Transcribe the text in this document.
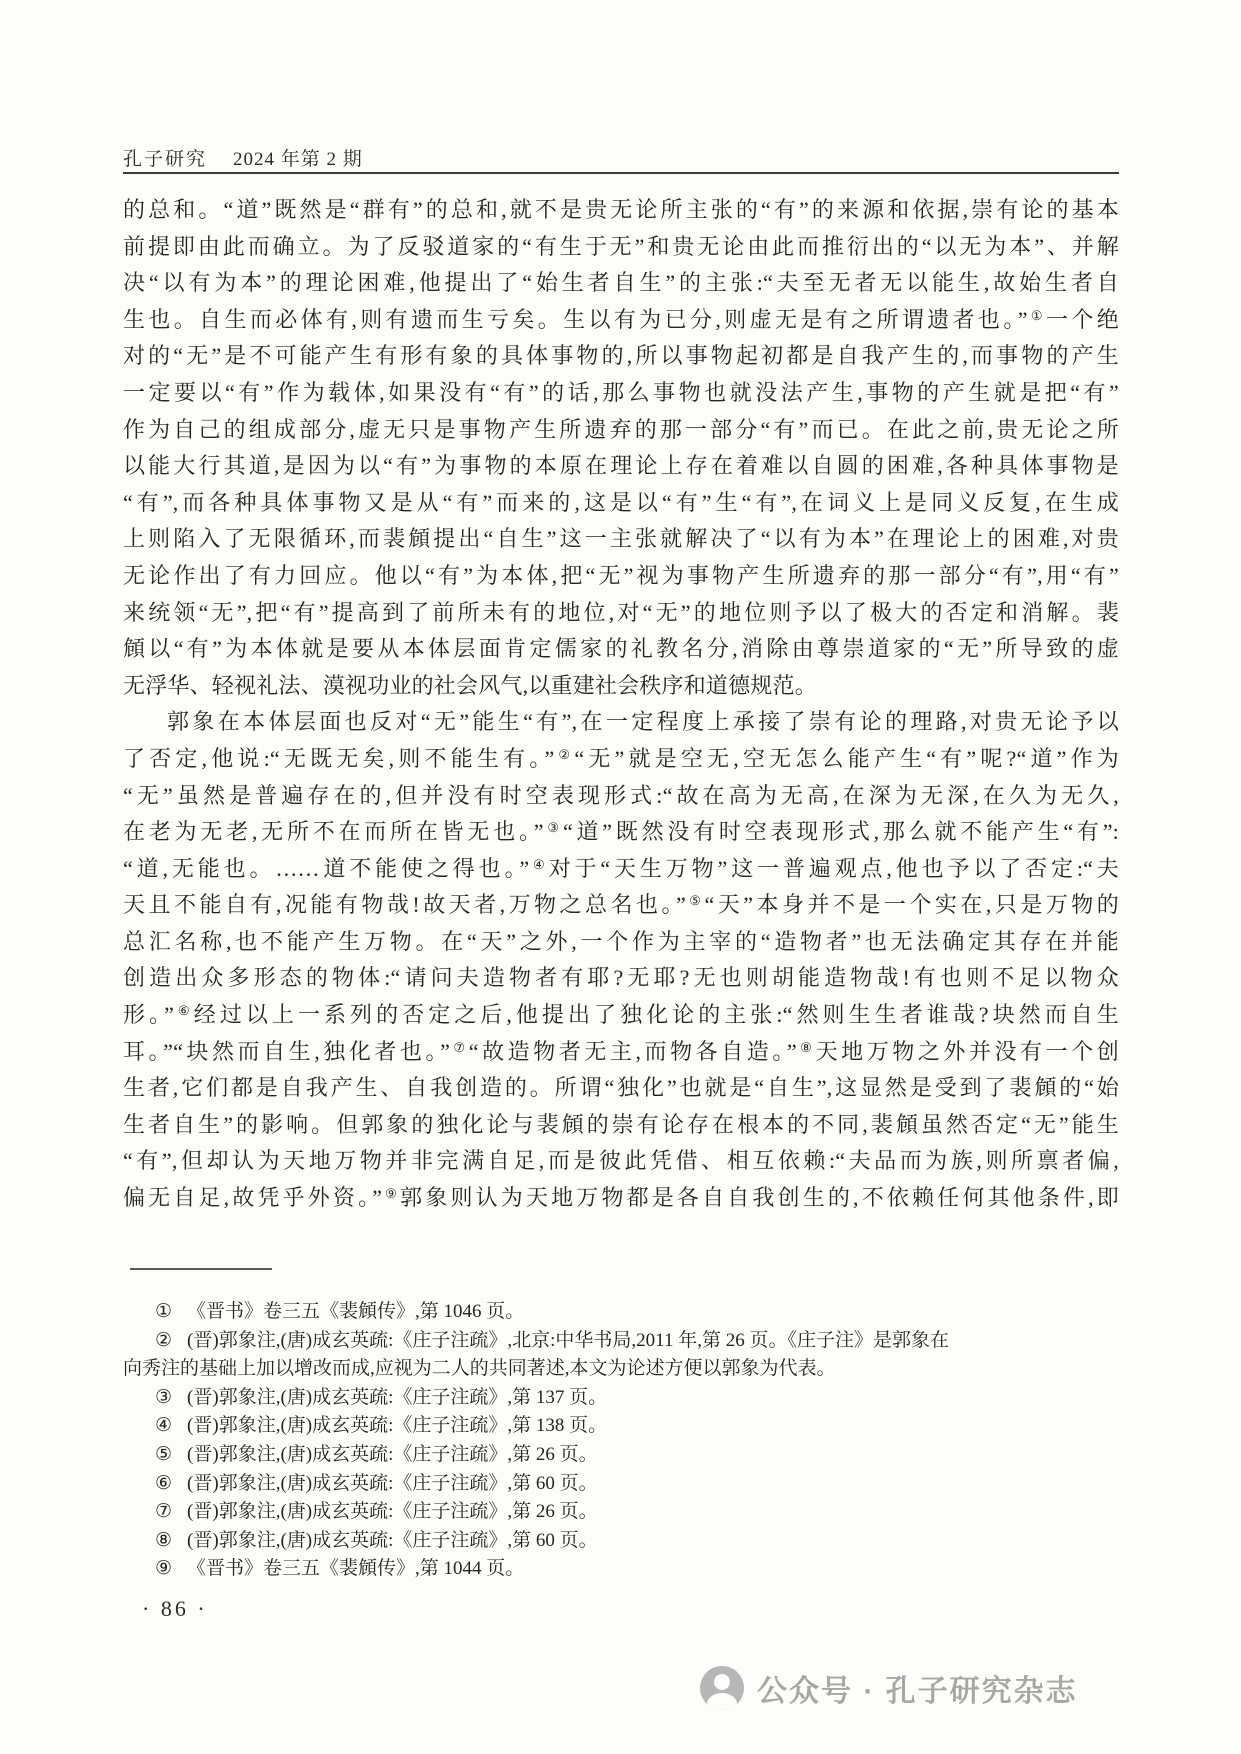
孔子研究 2024 年第 2 期
的总和。“道”既然是“群有”的总和,就不是贵无论所主张的“有”的来源和依据,崇有论的基本
前提即由此而确立。为了反驳道家的“有生于无”和贵无论由此而推衍出的“以无为本”、并解
决“以有为本”的理论困难,他提出了“始生者自生”的主张:“夫至无者无以能生,故始生者自
生也。自生而必体有,则有遗而生亏矣。生以有为已分,则虚无是有之所谓遗者也。”①一个绝
对的“无”是不可能产生有形有象的具体事物的,所以事物起初都是自我产生的,而事物的产生
一定要以“有”作为载体,如果没有“有”的话,那么事物也就没法产生,事物的产生就是把“有”
作为自己的组成部分,虚无只是事物产生所遗弃的那一部分“有”而已。在此之前,贵无论之所
以能大行其道,是因为以“有”为事物的本原在理论上存在着难以自圆的困难,各种具体事物是
“有”,而各种具体事物又是从“有”而来的,这是以“有”生“有”,在词义上是同义反复,在生成
上则陷入了无限循环,而裴頠提出“自生”这一主张就解决了“以有为本”在理论上的困难,对贵
无论作出了有力回应。他以“有”为本体,把“无”视为事物产生所遗弃的那一部分“有”,用“有”
来统领“无”,把“有”提高到了前所未有的地位,对“无”的地位则予以了极大的否定和消解。裴
頠以“有”为本体就是要从本体层面肯定儒家的礼教名分,消除由尊崇道家的“无”所导致的虚
无浮华、轻视礼法、漠视功业的社会风气,以重建社会秩序和道德规范。
郭象在本体层面也反对“无”能生“有”,在一定程度上承接了崇有论的理路,对贵无论予以
了否定,他说:“无既无矣,则不能生有。”②“无”就是空无,空无怎么能产生“有”呢?“道”作为
“无”虽然是普遍存在的,但并没有时空表现形式:“故在高为无高,在深为无深,在久为无久,
在老为无老,无所不在而所在皆无也。”③“道”既然没有时空表现形式,那么就不能产生“有”:
“道,无能也。……道不能使之得也。”④对于“天生万物”这一普遍观点,他也予以了否定:“夫
天且不能自有,况能有物哉!故天者,万物之总名也。”⑤“天”本身并不是一个实在,只是万物的
总汇名称,也不能产生万物。在“天”之外,一个作为主宰的“造物者”也无法确定其存在并能
创造出众多形态的物体:“请问夫造物者有耶?无耶?无也则胡能造物哉!有也则不足以物众
形。”⑥经过以上一系列的否定之后,他提出了独化论的主张:“然则生生者谁哉?块然而自生
耳。”“块然而自生,独化者也。”⑦“故造物者无主,而物各自造。”⑧天地万物之外并没有一个创
生者,它们都是自我产生、自我创造的。所谓“独化”也就是“自生”,这显然是受到了裴頠的“始
生者自生”的影响。但郭象的独化论与裴頠的崇有论存在根本的不同,裴頠虽然否定“无”能生
“有”,但却认为天地万物并非完满自足,而是彼此凭借、相互依赖:“夫品而为族,则所禀者偏,
偏无自足,故凭乎外资。”⑨郭象则认为天地万物都是各自自我创生的,不依赖任何其他条件,即
① 《晋书》卷三五《裴頠传》,第 1046 页。
② (晋)郭象注,(唐)成玄英疏:《庄子注疏》,北京:中华书局,2011 年,第 26 页。《庄子注》是郭象在
向秀注的基础上加以增改而成,应视为二人的共同著述,本文为论述方便以郭象为代表。
③ (晋)郭象注,(唐)成玄英疏:《庄子注疏》,第 137 页。
④ (晋)郭象注,(唐)成玄英疏:《庄子注疏》,第 138 页。
⑤ (晋)郭象注,(唐)成玄英疏:《庄子注疏》,第 26 页。
⑥ (晋)郭象注,(唐)成玄英疏:《庄子注疏》,第 60 页。
⑦ (晋)郭象注,(唐)成玄英疏:《庄子注疏》,第 26 页。
⑧ (晋)郭象注,(唐)成玄英疏:《庄子注疏》,第 60 页。
⑨ 《晋书》卷三五《裴頠传》,第 1044 页。
· 86 ·
公众号 · 孔子研究杂志
